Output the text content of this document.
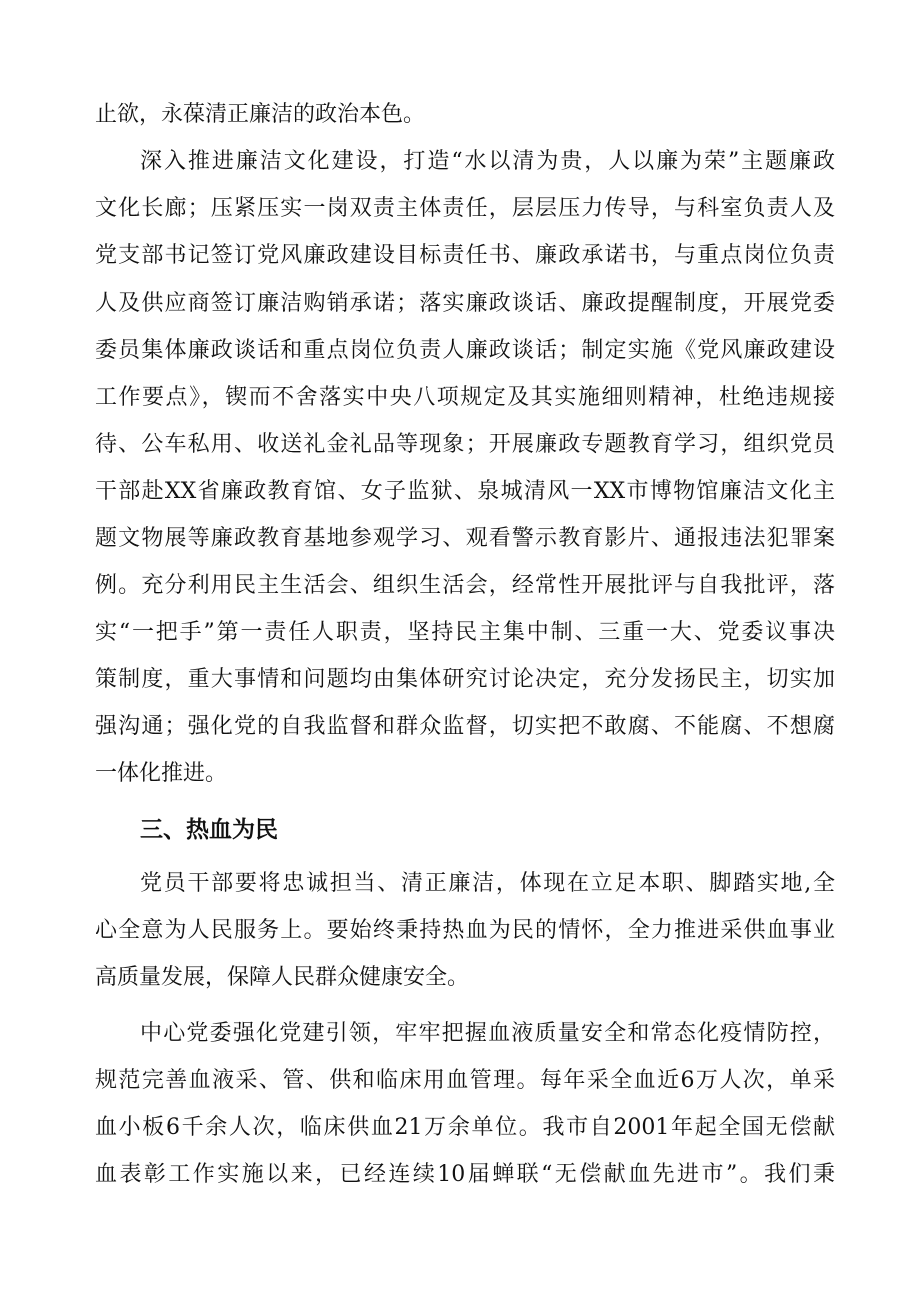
止欲，永葆清正廉洁的政治本色。
深入推进廉洁文化建设，打造“水以清为贵，人以廉为荣”主题廉政
文化长廊；压紧压实一岗双责主体责任，层层压力传导，与科室负责人及
党支部书记签订党风廉政建设目标责任书、廉政承诺书，与重点岗位负责
人及供应商签订廉洁购销承诺；落实廉政谈话、廉政提醒制度，开展党委
委员集体廉政谈话和重点岗位负责人廉政谈话；制定实施《党风廉政建设
工作要点》，锲而不舍落实中央八项规定及其实施细则精神，杜绝违规接
待、公车私用、收送礼金礼品等现象；开展廉政专题教育学习，组织党员
干部赴XX省廉政教育馆、女子监狱、泉城清风一XX市博物馆廉洁文化主
题文物展等廉政教育基地参观学习、观看警示教育影片、通报违法犯罪案
例。充分利用民主生活会、组织生活会，经常性开展批评与自我批评，落
实“一把手”第一责任人职责，坚持民主集中制、三重一大、党委议事决
策制度，重大事情和问题均由集体研究讨论决定，充分发扬民主，切实加
强沟通；强化党的自我监督和群众监督，切实把不敢腐、不能腐、不想腐
一体化推进。
三、热血为民
党员干部要将忠诚担当、清正廉洁，体现在立足本职、脚踏实地,全
心全意为人民服务上。要始终秉持热血为民的情怀，全力推进采供血事业
高质量发展，保障人民群众健康安全。
中心党委强化党建引领，牢牢把握血液质量安全和常态化疫情防控，
规范完善血液采、管、供和临床用血管理。每年采全血近6万人次，单采
血小板6千余人次，临床供血21万余单位。我市自2001年起全国无偿献
血表彰工作实施以来，已经连续10届蝉联“无偿献血先进市”。我们秉
